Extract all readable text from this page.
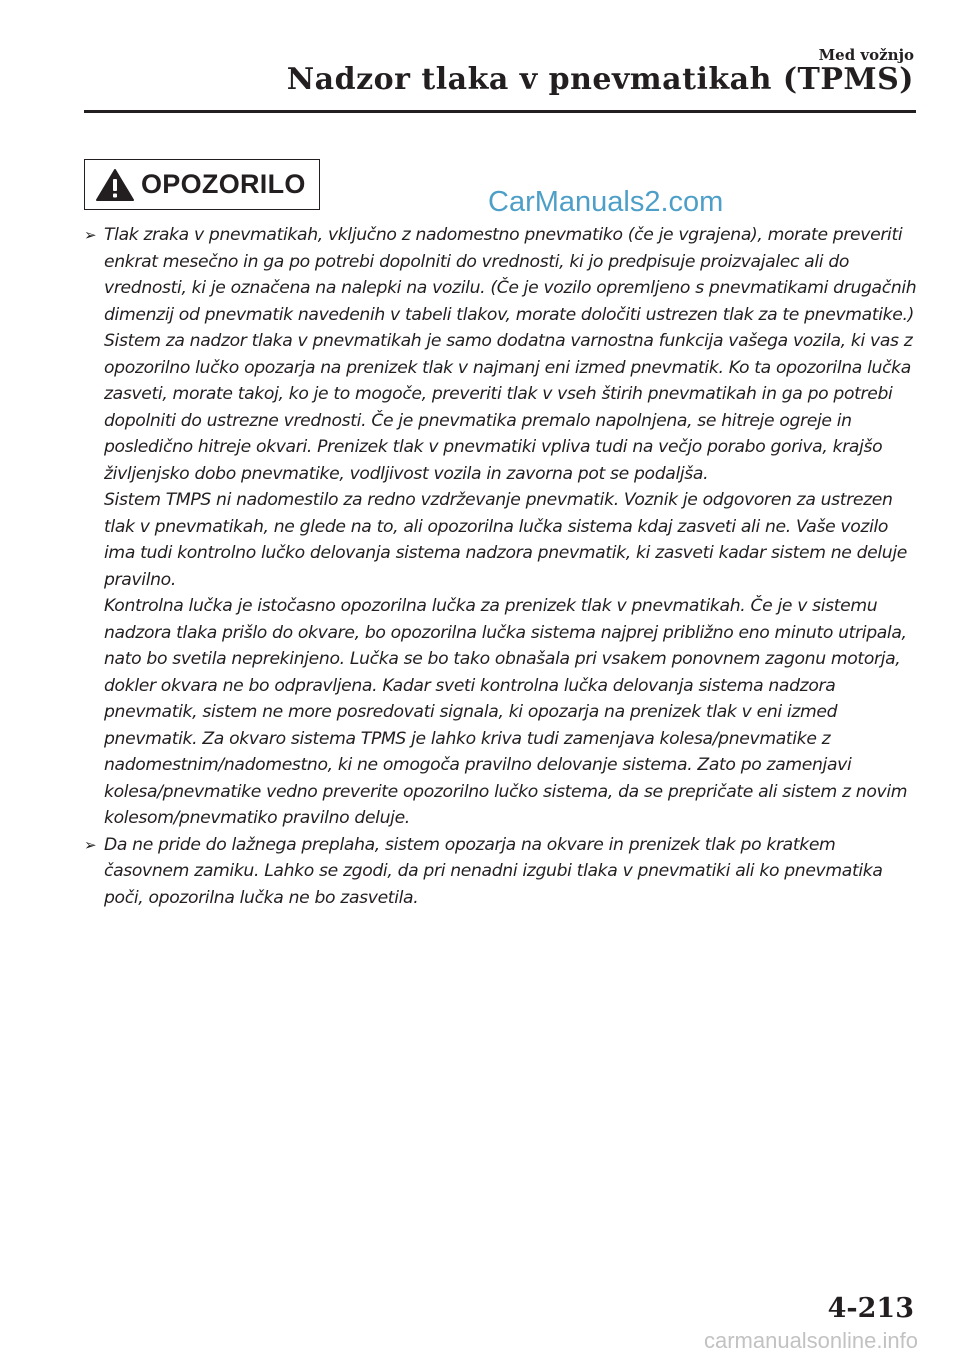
Med vožnjo
Nadzor tlaka v pnevmatikah (TPMS)
OPOZORILO
CarManuals2.com
➢ Tlak zraka v pnevmatikah, vključno z nadomestno pnevmatiko (če je vgrajena), morate preveriti enkrat mesečno in ga po potrebi dopolniti do vrednosti, ki jo predpisuje proizvajalec ali do vrednosti, ki je označena na nalepki na vozilu. (Če je vozilo opremljeno s pnevmatikami drugačnih dimenzij od pnevmatik navedenih v tabeli tlakov, morate določiti ustrezen tlak za te pnevmatike.)
Sistem za nadzor tlaka v pnevmatikah je samo dodatna varnostna funkcija vašega vozila, ki vas z opozorilno lučko opozarja na prenizek tlak v najmanj eni izmed pnevmatik. Ko ta opozorilna lučka zasveti, morate takoj, ko je to mogoče, preveriti tlak v vseh štirih pnevmatikah in ga po potrebi dopolniti do ustrezne vrednosti. Če je pnevmatika premalo napolnjena, se hitreje ogreje in posledično hitreje okvari. Prenizek tlak v pnevmatiki vpliva tudi na večjo porabo goriva, krajšo življenjsko dobo pnevmatike, vodljivost vozila in zavorna pot se podaljša.
Sistem TMPS ni nadomestilo za redno vzdrževanje pnevmatik. Voznik je odgovoren za ustrezen tlak v pnevmatikah, ne glede na to, ali opozorilna lučka sistema kdaj zasveti ali ne. Vaše vozilo ima tudi kontrolno lučko delovanja sistema nadzora pnevmatik, ki zasveti kadar sistem ne deluje pravilno.
Kontrolna lučka je istočasno opozorilna lučka za prenizek tlak v pnevmatikah. Če je v sistemu nadzora tlaka prišlo do okvare, bo opozorilna lučka sistema najprej približno eno minuto utripala, nato bo svetila neprekinjeno. Lučka se bo tako obnašala pri vsakem ponovnem zagonu motorja, dokler okvara ne bo odpravljena. Kadar sveti kontrolna lučka delovanja sistema nadzora pnevmatik, sistem ne more posredovati signala, ki opozarja na prenizek tlak v eni izmed pnevmatik. Za okvaro sistema TPMS je lahko kriva tudi zamenjava kolesa/pnevmatike z nadomestnim/nadomestno, ki ne omogoča pravilno delovanje sistema. Zato po zamenjavi kolesa/pnevmatike vedno preverite opozorilno lučko sistema, da se prepričate ali sistem z novim kolesom/pnevmatiko pravilno deluje.
➢ Da ne pride do lažnega preplaha, sistem opozarja na okvare in prenizek tlak po kratkem časovnem zamiku. Lahko se zgodi, da pri nenadni izgubi tlaka v pnevmatiki ali ko pnevmatika poči, opozorilna lučka ne bo zasvetila.
4-213
carmanualsonline.info
